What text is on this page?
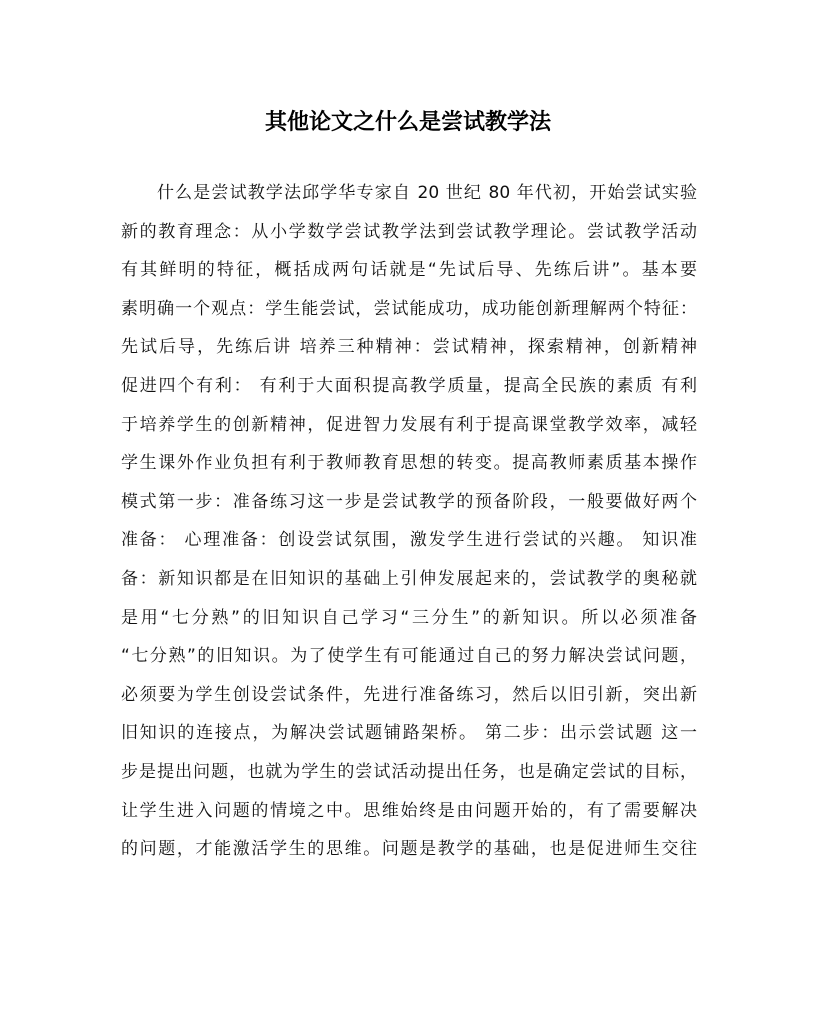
其他论文之什么是尝试教学法
什么是尝试教学法邱学华专家自 20 世纪 80 年代初，开始尝试实验
新的教育理念：从小学数学尝试教学法到尝试教学理论。尝试教学活动
有其鲜明的特征，概括成两句话就是“先试后导、先练后讲”。基本要
素明确一个观点：学生能尝试，尝试能成功，成功能创新理解两个特征：
先试后导，先练后讲 培养三种精神：尝试精神，探索精神，创新精神
促进四个有利： 有利于大面积提高教学质量，提高全民族的素质 有利
于培养学生的创新精神，促进智力发展有利于提高课堂教学效率，减轻
学生课外作业负担有利于教师教育思想的转变。提高教师素质基本操作
模式第一步：准备练习这一步是尝试教学的预备阶段，一般要做好两个
准备： 心理准备：创设尝试氛围，激发学生进行尝试的兴趣。 知识准
备：新知识都是在旧知识的基础上引伸发展起来的，尝试教学的奥秘就
是用“七分熟”的旧知识自己学习“三分生”的新知识。所以必须准备
“七分熟”的旧知识。为了使学生有可能通过自己的努力解决尝试问题，
必须要为学生创设尝试条件，先进行准备练习，然后以旧引新，突出新
旧知识的连接点，为解决尝试题铺路架桥。 第二步：出示尝试题 这一
步是提出问题，也就为学生的尝试活动提出任务，也是确定尝试的目标，
让学生进入问题的情境之中。思维始终是由问题开始的，有了需要解决
的问题，才能激活学生的思维。问题是教学的基础，也是促进师生交往
